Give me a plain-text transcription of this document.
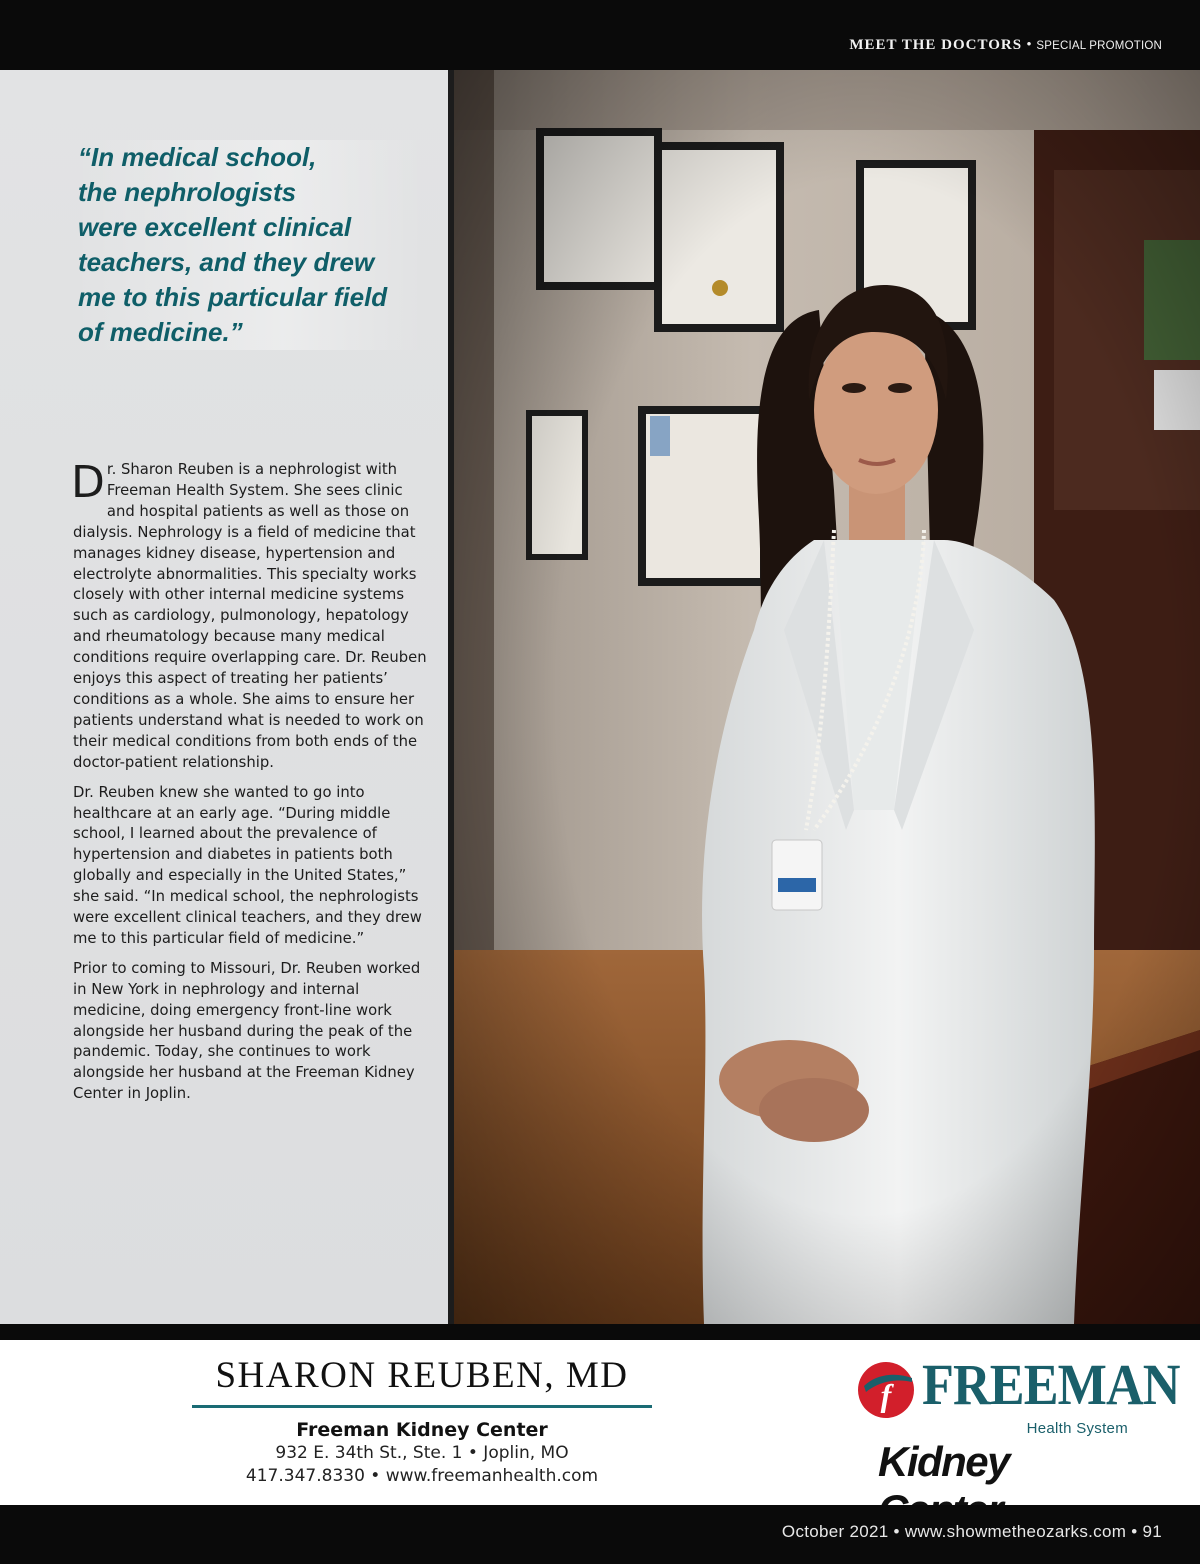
MEET THE DOCTORS • SPECIAL PROMOTION
“In medical school,
the nephrologists
were excellent clinical
teachers, and they drew
me to this particular field
of medicine.”

Dr. Sharon Reuben is a nephrologist with Freeman Health System. She sees clinic and hospital patients as well as those on dialysis. Nephrology is a field of medicine that manages kidney disease, hypertension and electrolyte abnormalities. This specialty works closely with other internal medicine systems such as cardiology, pulmonology, hepatology and rheumatology because many medical conditions require overlapping care. Dr. Reuben enjoys this aspect of treating her patients’ conditions as a whole. She aims to ensure her patients understand what is needed to work on their medical conditions from both ends of the doctor-patient relationship.

Dr. Reuben knew she wanted to go into healthcare at an early age. “During middle school, I learned about the prevalence of hypertension and diabetes in patients both globally and especially in the United States,” she said. “In medical school, the nephrologists were excellent clinical teachers, and they drew me to this particular field of medicine.”

Prior to coming to Missouri, Dr. Reuben worked in New York in nephrology and internal medicine, doing emergency front-line work alongside her husband during the peak of the pandemic. Today, she continues to work alongside her husband at the Freeman Kidney Center in Joplin.

SHARON REUBEN, MD
Freeman Kidney Center
932 E. 34th St., Ste. 1 • Joplin, MO
417.347.8330 • www.freemanhealth.com
f FREEMAN
Health System
Kidney
October 2021 • www.showmetheozarks.com • 91
